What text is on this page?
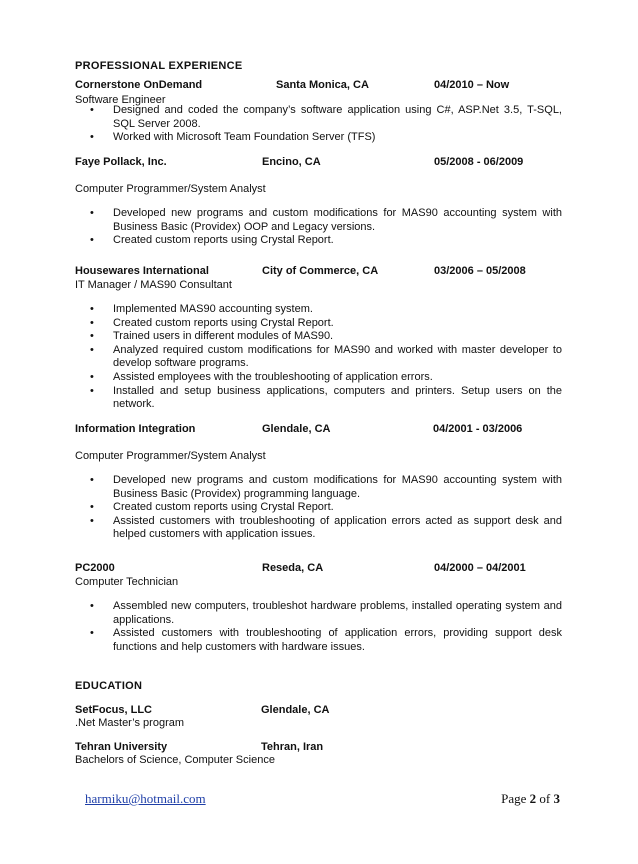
PROFESSIONAL EXPERIENCE
Cornerstone OnDemand	Santa Monica, CA	04/2010 – Now
Software Engineer
• Designed and coded the company’s software application using C#, ASP.Net 3.5, T-SQL, SQL Server 2008.
• Worked with Microsoft Team Foundation Server (TFS)
Faye Pollack, Inc.	Encino, CA	05/2008 - 06/2009
Computer Programmer/System Analyst
• Developed new programs and custom modifications for MAS90 accounting system with Business Basic (Providex) OOP and Legacy versions.
• Created custom reports using Crystal Report.
Housewares International	City of Commerce, CA	03/2006 – 05/2008
IT Manager / MAS90 Consultant
• Implemented MAS90 accounting system.
• Created custom reports using Crystal Report.
• Trained users in different modules of MAS90.
• Analyzed required custom modifications for MAS90 and worked with master developer to develop software programs.
• Assisted employees with the troubleshooting of application errors.
• Installed and setup business applications, computers and printers. Setup users on the network.
Information Integration	Glendale, CA	04/2001 - 03/2006
Computer Programmer/System Analyst
• Developed new programs and custom modifications for MAS90 accounting system with Business Basic (Providex) programming language.
• Created custom reports using Crystal Report.
• Assisted customers with troubleshooting of application errors acted as support desk and helped customers with application issues.
PC2000	Reseda, CA	04/2000 – 04/2001
Computer Technician
• Assembled new computers, troubleshot hardware problems, installed operating system and applications.
• Assisted customers with troubleshooting of application errors, providing support desk functions and help customers with hardware issues.
EDUCATION
SetFocus, LLC	Glendale, CA
.Net Master’s program
Tehran University	Tehran, Iran
Bachelors of Science, Computer Science
harmiku@hotmail.com	Page 2 of 3
